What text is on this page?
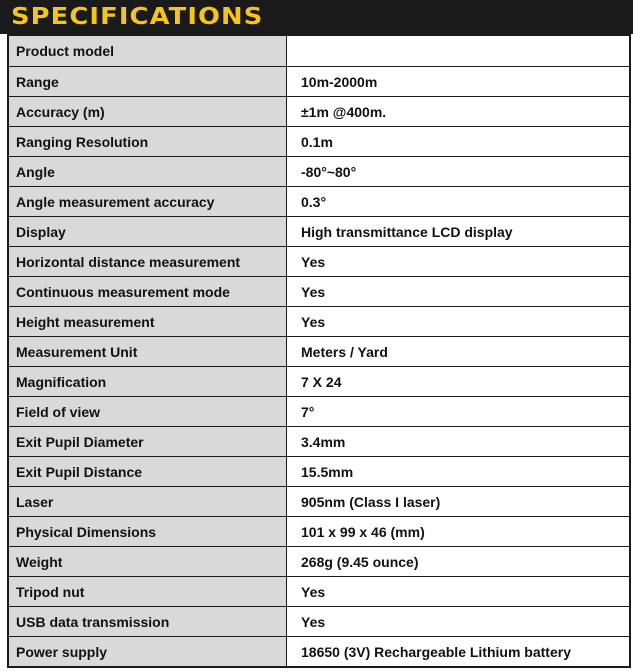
SPECIFICATIONS
Product model
Range	10m-2000m
Accuracy (m)	±1m @400m.
Ranging Resolution	0.1m
Angle	-80°~80°
Angle measurement accuracy	0.3°
Display	High transmittance LCD display
Horizontal distance measurement	Yes
Continuous measurement mode	Yes
Height measurement	Yes
Measurement Unit	Meters / Yard
Magnification	7 X 24
Field of view	7°
Exit Pupil Diameter	3.4mm
Exit Pupil Distance	15.5mm
Laser	905nm (Class I laser)
Physical Dimensions	101 x 99 x 46 (mm)
Weight	268g (9.45 ounce)
Tripod nut	Yes
USB data transmission	Yes
Power supply	18650 (3V) Rechargeable Lithium battery
